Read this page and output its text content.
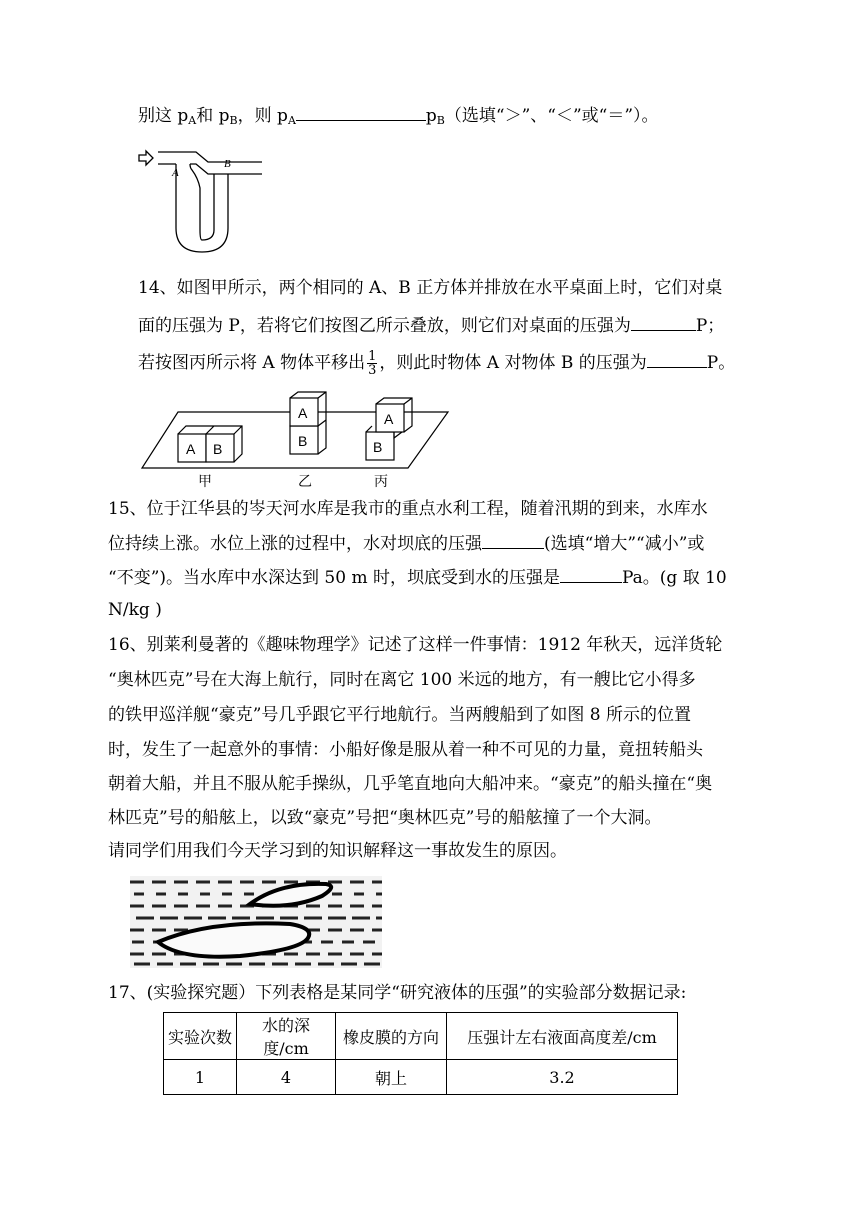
别这 $p_A$和 $p_B$，则 $p_A$	$p_B$（选填“＞”、“＜”或“＝”）。
A
B
14、如图甲所示，两个相同的 A、B 正方体并排放在水平桌面上时，它们对桌
面的压强为 P，若将它们按图乙所示叠放，则它们对桌面的压强为	P；
若按图丙所示将 A 物体平移出 $\frac{1}{3}$ ，则此时物体 A 对物体 B 的压强为	P。
A B
A
B
A
B
甲	乙	丙
15、位于江华县的岑天河水库是我市的重点水利工程，随着汛期的到来，水库水
位持续上涨。水位上涨的过程中，水对坝底的压强	(选填“增大”“减小”或
“不变”)。当水库中水深达到 50 m 时，坝底受到水的压强是	Pa。(g 取 10
N/kg )
16、别莱利曼著的《趣味物理学》记述了这样一件事情：1912 年秋天，远洋货轮
“奥林匹克”号在大海上航行，同时在离它 100 米远的地方，有一艘比它小得多
的铁甲巡洋舰“豪克”号几乎跟它平行地航行。当两艘船到了如图 8 所示的位置
时，发生了一起意外的事情：小船好像是服从着一种不可见的力量，竟扭转船头
朝着大船，并且不服从舵手操纵，几乎笔直地向大船冲来。“豪克”的船头撞在“奥
林匹克”号的船舷上，以致“豪克”号把“奥林匹克”号的船舷撞了一个大洞。
请同学们用我们今天学习到的知识解释这一事故发生的原因。
17、(实验探究题）下列表格是某同学“研究液体的压强”的实验部分数据记录:
实验次数	水的深度/cm	橡皮膜的方向	压强计左右液面高度差/cm
1	4	朝上	3.2
